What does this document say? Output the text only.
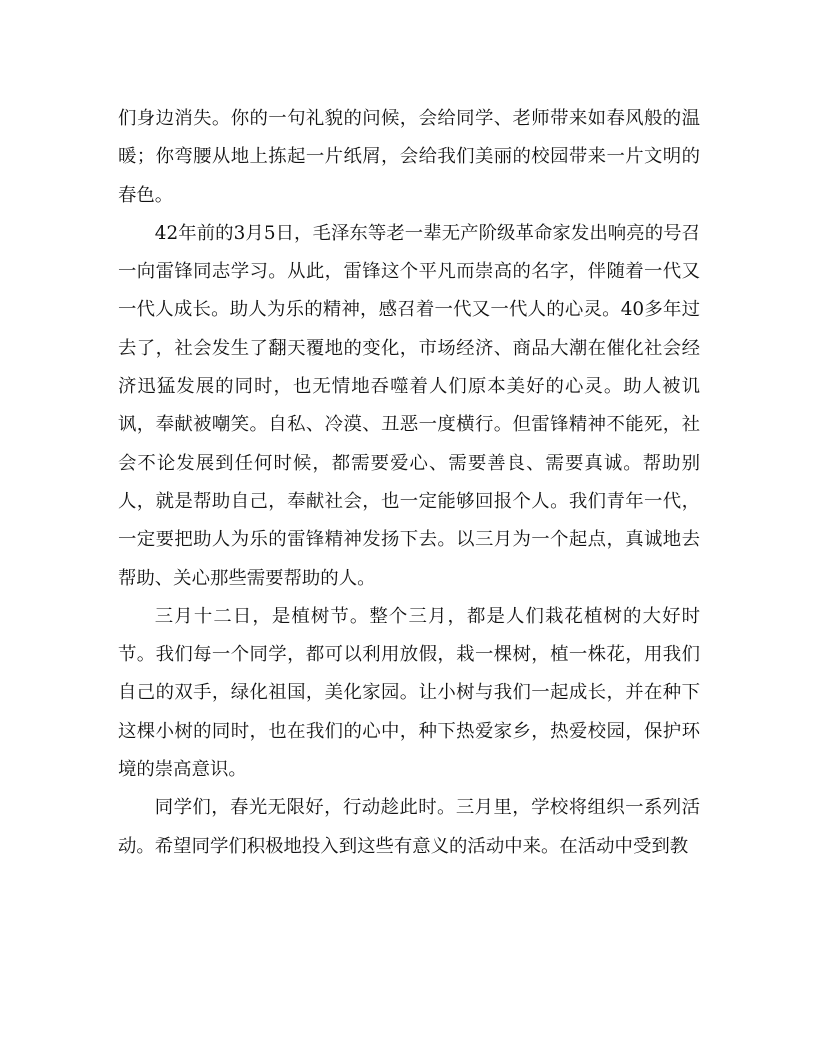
们身边消失。你的一句礼貌的问候，会给同学、老师带来如春风般的温暖；你弯腰从地上拣起一片纸屑，会给我们美丽的校园带来一片文明的春色。

42年前的3月5日，毛泽东等老一辈无产阶级革命家发出响亮的号召一向雷锋同志学习。从此，雷锋这个平凡而崇高的名字，伴随着一代又一代人成长。助人为乐的精神，感召着一代又一代人的心灵。40多年过去了，社会发生了翻天覆地的变化，市场经济、商品大潮在催化社会经济迅猛发展的同时，也无情地吞噬着人们原本美好的心灵。助人被讥讽，奉献被嘲笑。自私、冷漠、丑恶一度横行。但雷锋精神不能死，社会不论发展到任何时候，都需要爱心、需要善良、需要真诚。帮助别人，就是帮助自己，奉献社会，也一定能够回报个人。我们青年一代，一定要把助人为乐的雷锋精神发扬下去。以三月为一个起点，真诚地去帮助、关心那些需要帮助的人。

三月十二日，是植树节。整个三月，都是人们栽花植树的大好时节。我们每一个同学，都可以利用放假，栽一棵树，植一株花，用我们自己的双手，绿化祖国，美化家园。让小树与我们一起成长，并在种下这棵小树的同时，也在我们的心中，种下热爱家乡，热爱校园，保护环境的崇高意识。

同学们，春光无限好，行动趁此时。三月里，学校将组织一系列活动。希望同学们积极地投入到这些有意义的活动中来。在活动中受到教
